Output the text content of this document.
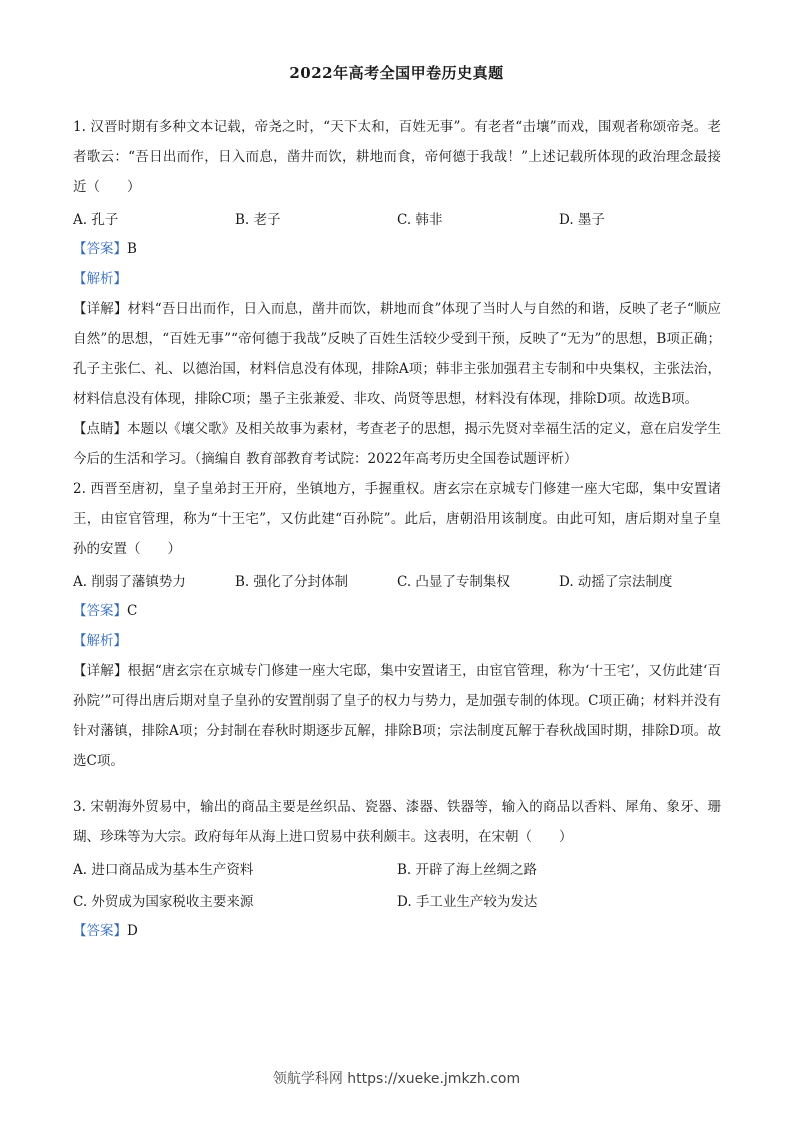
2022年高考全国甲卷历史真题

1. 汉晋时期有多种文本记载，帝尧之时，“天下太和，百姓无事”。有老者“击壤”而戏，围观者称颂帝尧。老者歌云：“吾日出而作，日入而息，凿井而饮，耕地而食，帝何德于我哉！”上述记载所体现的政治理念最接近（　　）

A. 孔子	B. 老子	C. 韩非	D. 墨子

【答案】B

【解析】

【详解】材料“吾日出而作，日入而息，凿井而饮，耕地而食”体现了当时人与自然的和谐，反映了老子“顺应自然”的思想，“百姓无事”“帝何德于我哉”反映了百姓生活较少受到干预，反映了“无为”的思想，B项正确；孔子主张仁、礼、以德治国，材料信息没有体现，排除A项；韩非主张加强君主专制和中央集权，主张法治，材料信息没有体现，排除C项；墨子主张兼爱、非攻、尚贤等思想，材料没有体现，排除D项。故选B项。

【点睛】本题以《壤父歌》及相关故事为素材，考查老子的思想，揭示先贤对幸福生活的定义，意在启发学生今后的生活和学习。（摘编自 教育部教育考试院：2022年高考历史全国卷试题评析）

2. 西晋至唐初，皇子皇弟封王开府，坐镇地方，手握重权。唐玄宗在京城专门修建一座大宅邸，集中安置诸王，由宦官管理，称为“十王宅”，又仿此建“百孙院”。此后，唐朝沿用该制度。由此可知，唐后期对皇子皇孙的安置（　　）

A. 削弱了藩镇势力	B. 强化了分封体制	C. 凸显了专制集权	D. 动摇了宗法制度

【答案】C

【解析】

【详解】根据“唐玄宗在京城专门修建一座大宅邸，集中安置诸王，由宦官管理，称为‘十王宅’，又仿此建‘百孙院’”可得出唐后期对皇子皇孙的安置削弱了皇子的权力与势力，是加强专制的体现。C项正确；材料并没有针对藩镇，排除A项；分封制在春秋时期逐步瓦解，排除B项；宗法制度瓦解于春秋战国时期，排除D项。故选C项。

3. 宋朝海外贸易中，输出的商品主要是丝织品、瓷器、漆器、铁器等，输入的商品以香料、犀角、象牙、珊瑚、珍珠等为大宗。政府每年从海上进口贸易中获利颇丰。这表明，在宋朝（　　）

A. 进口商品成为基本生产资料	B. 开辟了海上丝绸之路
C. 外贸成为国家税收主要来源	D. 手工业生产较为发达

【答案】D

领航学科网 https://xueke.jmkzh.com
